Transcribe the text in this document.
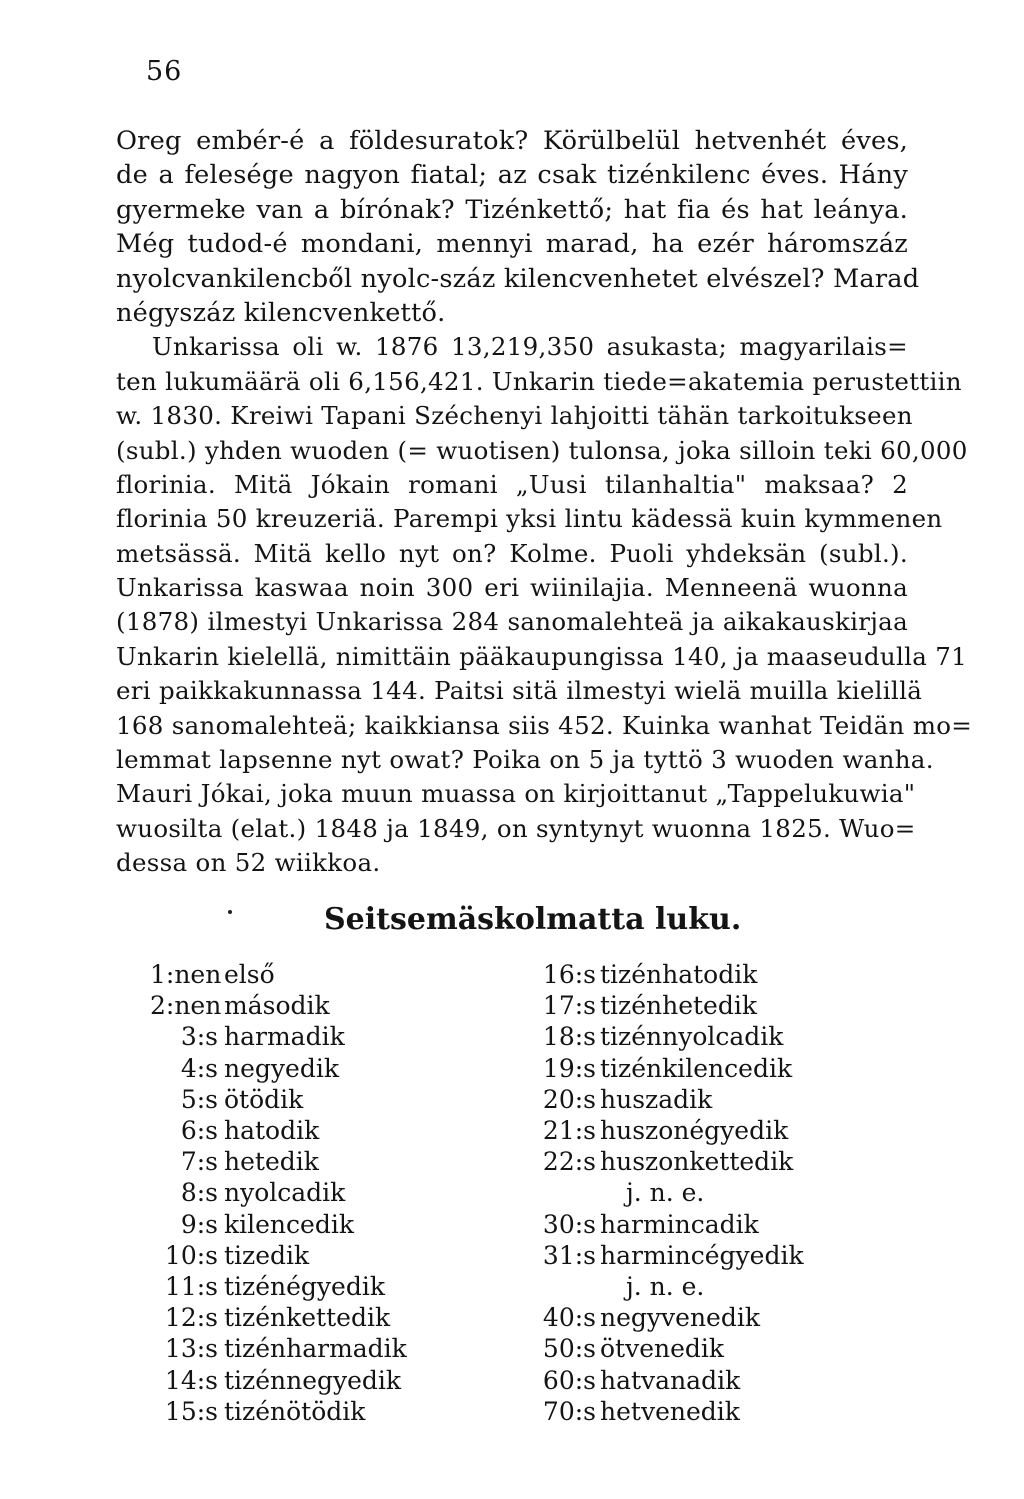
56
Oreg embér-é a földesuratok? Körülbelül hetvenhét éves,
de a felesége nagyon fiatal; az csak tizénkilenc éves. Hány
gyermeke van a bírónak? Tizénkettő; hat fia és hat leánya.
Még tudod-é mondani, mennyi marad, ha ezér háromszáz
nyolcvankilencből nyolc-száz kilencvenhetet elvészel? Marad
négyszáz kilencvenkettő.
Unkarissa oli w. 1876 13,219,350 asukasta; magyarilais=
ten lukumäärä oli 6,156,421. Unkarin tiede=akatemia perustettiin
w. 1830. Kreiwi Tapani Széchenyi lahjoitti tähän tarkoitukseen
(subl.) yhden wuoden (= wuotisen) tulonsa, joka silloin teki 60,000
florinia. Mitä Jókain romani „Uusi tilanhaltia" maksaa? 2
florinia 50 kreuzeriä. Parempi yksi lintu kädessä kuin kymmenen
metsässä. Mitä kello nyt on? Kolme. Puoli yhdeksän (subl.).
Unkarissa kaswaa noin 300 eri wiinilajia. Menneenä wuonna
(1878) ilmestyi Unkarissa 284 sanomalehteä ja aikakauskirjaa
Unkarin kielellä, nimittäin pääkaupungissa 140, ja maaseudulla 71
eri paikkakunnassa 144. Paitsi sitä ilmestyi wielä muilla kielillä
168 sanomalehteä; kaikkiansa siis 452. Kuinka wanhat Teidän mo=
lemmat lapsenne nyt owat? Poika on 5 ja tyttö 3 wuoden wanha.
Mauri Jókai, joka muun muassa on kirjoittanut „Tappelukuwia"
wuosilta (elat.) 1848 ja 1849, on syntynyt wuonna 1825. Wuo=
dessa on 52 wiikkoa.
Seitsemäskolmatta luku.
1:nen első
2:nen második
3:s harmadik
4:s negyedik
5:s ötödik
6:s hatodik
7:s hetedik
8:s nyolcadik
9:s kilencedik
10:s tizedik
11:s tizénégyedik
12:s tizénkettedik
13:s tizénharmadik
14:s tizénnegyedik
15:s tizénötödik
16:s tizénhatodik
17:s tizénhetedik
18:s tizénnyolcadik
19:s tizénkilencedik
20:s huszadik
21:s huszonégyedik
22:s huszonkettedik
j. n. e.
30:s harmincadik
31:s harmincégyedik
j. n. e.
40:s negyvenedik
50:s ötvenedik
60:s hatvanadik
70:s hetvenedik
